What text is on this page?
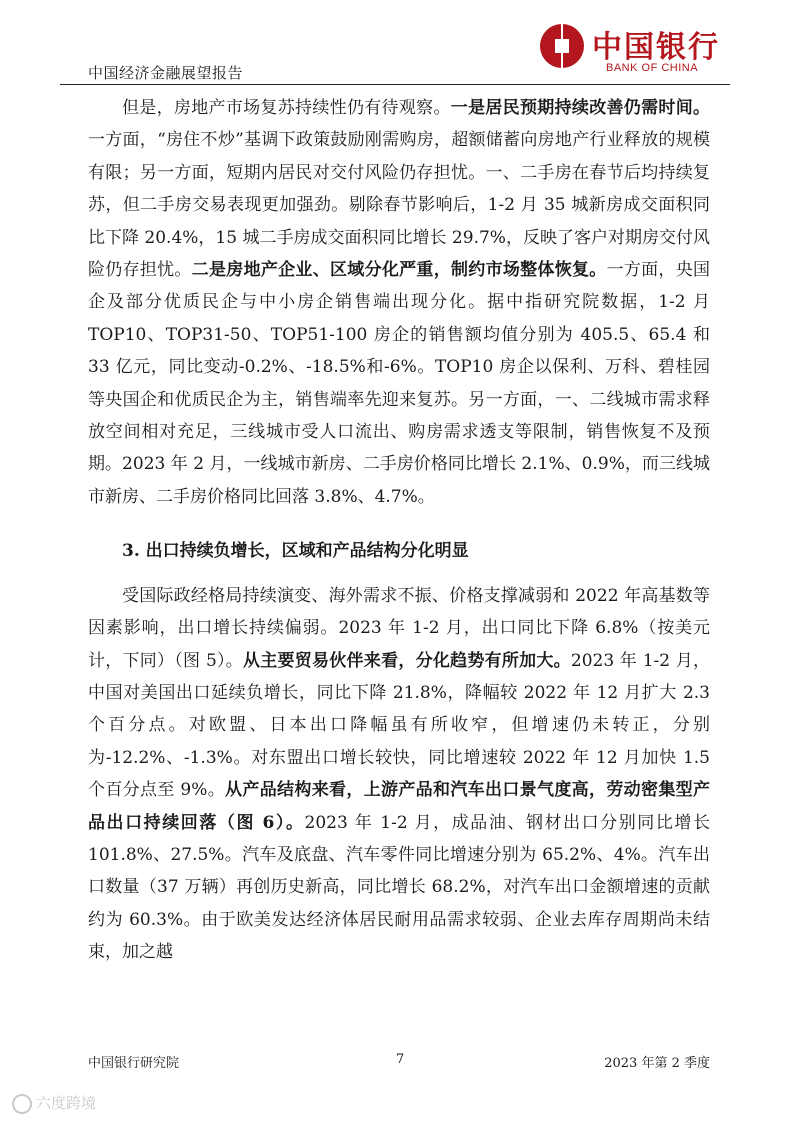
中国经济金融展望报告
中国银行
BANK OF CHINA

但是，房地产市场复苏持续性仍有待观察。一是居民预期持续改善仍需时间。一方面，“房住不炒”基调下政策鼓励刚需购房，超额储蓄向房地产行业释放的规模有限；另一方面，短期内居民对交付风险仍存担忧。一、二手房在春节后均持续复苏，但二手房交易表现更加强劲。剔除春节影响后，1-2 月 35 城新房成交面积同比下降 20.4%，15 城二手房成交面积同比增长 29.7%，反映了客户对期房交付风险仍存担忧。二是房地产企业、区域分化严重，制约市场整体恢复。一方面，央国企及部分优质民企与中小房企销售端出现分化。据中指研究院数据，1-2 月 TOP10、TOP31-50、TOP51-100 房企的销售额均值分别为 405.5、65.4 和 33 亿元，同比变动-0.2%、-18.5%和-6%。TOP10 房企以保利、万科、碧桂园等央国企和优质民企为主，销售端率先迎来复苏。另一方面，一、二线城市需求释放空间相对充足，三线城市受人口流出、购房需求透支等限制，销售恢复不及预期。2023 年 2 月，一线城市新房、二手房价格同比增长 2.1%、0.9%，而三线城市新房、二手房价格同比回落 3.8%、4.7%。

3. 出口持续负增长，区域和产品结构分化明显

受国际政经格局持续演变、海外需求不振、价格支撑减弱和 2022 年高基数等因素影响，出口增长持续偏弱。2023 年 1-2 月，出口同比下降 6.8%（按美元计，下同）（图 5）。从主要贸易伙伴来看，分化趋势有所加大。2023 年 1-2 月，中国对美国出口延续负增长，同比下降 21.8%，降幅较 2022 年 12 月扩大 2.3 个百分点。对欧盟、日本出口降幅虽有所收窄，但增速仍未转正，分别为-12.2%、-1.3%。对东盟出口增长较快，同比增速较 2022 年 12 月加快 1.5 个百分点至 9%。从产品结构来看，上游产品和汽车出口景气度高，劳动密集型产品出口持续回落（图 6）。2023 年 1-2 月，成品油、钢材出口分别同比增长 101.8%、27.5%。汽车及底盘、汽车零件同比增速分别为 65.2%、4%。汽车出口数量（37 万辆）再创历史新高，同比增长 68.2%，对汽车出口金额增速的贡献约为 60.3%。由于欧美发达经济体居民耐用品需求较弱、企业去库存周期尚未结束，加之越

中国银行研究院	7	2023 年第 2 季度
六度跨境
